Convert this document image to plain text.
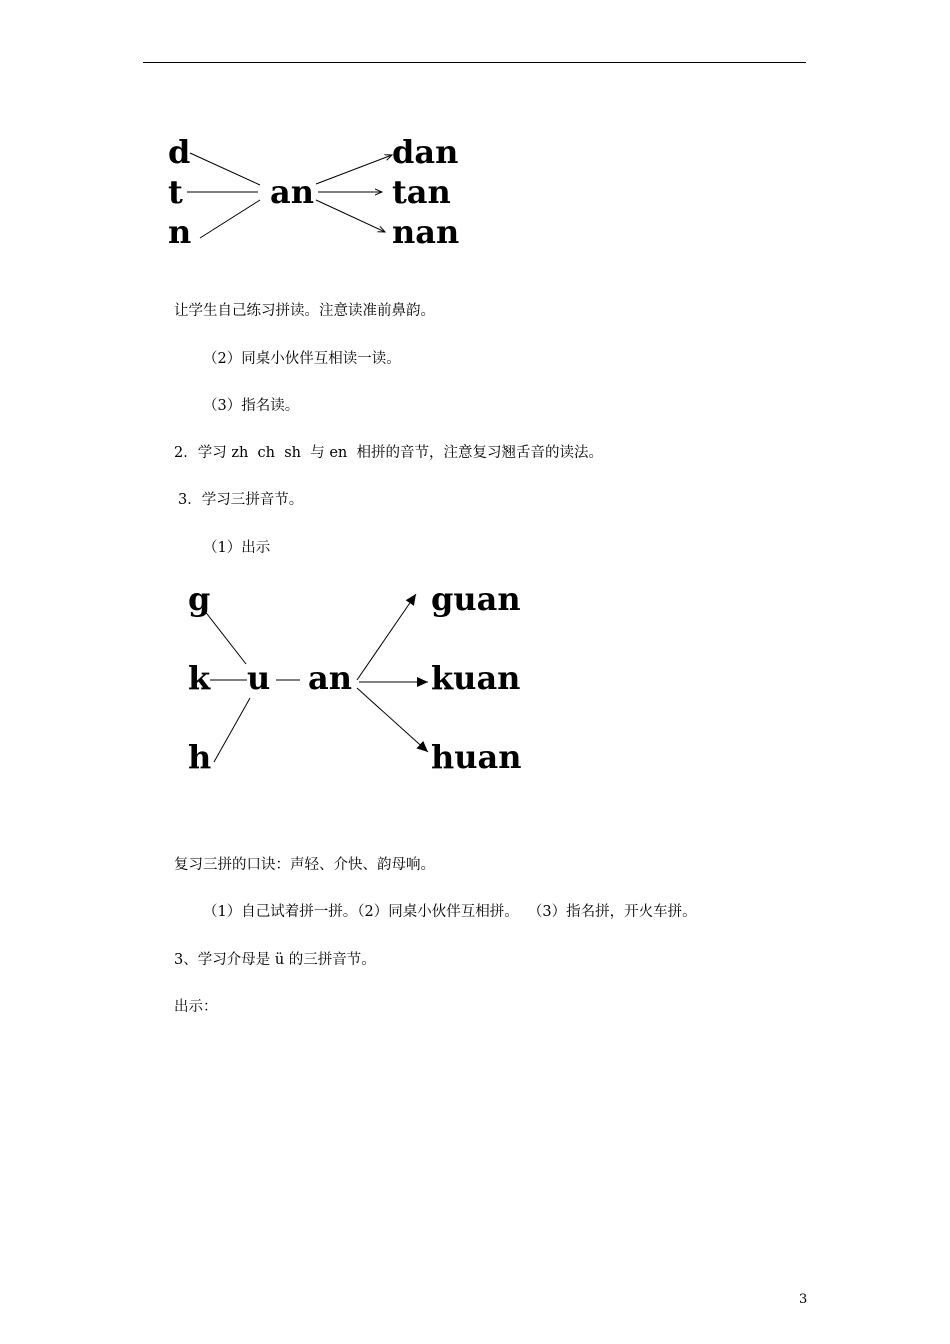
d
t
n
an
dan
tan
nan
让学生自己练习拼读。注意读准前鼻韵。
（2）同桌小伙伴互相读一读。
（3）指名读。
2．学习 zh  ch  sh  与 en  相拼的音节，注意复习翘舌音的读法。
3．学习三拼音节。
（1）出示
g
k
h
u an
guan
kuan
huan
复习三拼的口诀：声轻、介快、韵母响。
（1）自己试着拼一拼。（2）同桌小伙伴互相拼。  （3）指名拼，开火车拼。
3、学习介母是 ü 的三拼音节。
出示：
3
